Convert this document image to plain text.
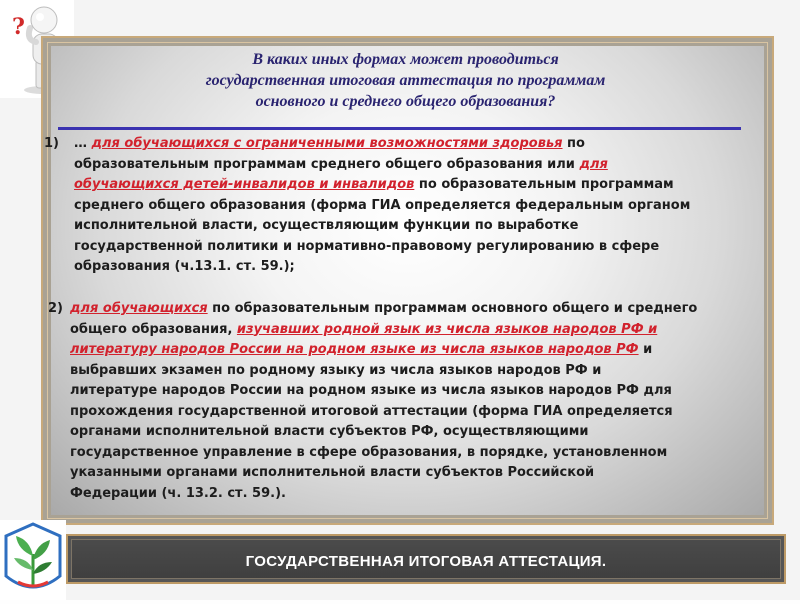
?
В каких иных формах может проводиться
государственная итоговая аттестация по программам
основного и среднего общего образования?
1) … для обучающихся с ограниченными возможностями здоровья по
образовательным программам среднего общего образования или для
обучающихся детей-инвалидов и инвалидов по образовательным программам
среднего общего образования (форма ГИА определяется федеральным органом
исполнительной власти, осуществляющим функции по выработке
государственной политики и нормативно-правовому регулированию в сфере
образования (ч.13.1. ст. 59.);
2) для обучающихся по образовательным программам основного общего и среднего
общего образования, изучавших родной язык из числа языков народов РФ и
литературу народов России на родном языке из числа языков народов РФ и
выбравших экзамен по родному языку из числа языков народов РФ и
литературе народов России на родном языке из числа языков народов РФ для
прохождения государственной итоговой аттестации (форма ГИА определяется
органами исполнительной власти субъектов РФ, осуществляющими
государственное управление в сфере образования, в порядке, установленном
указанными органами исполнительной власти субъектов Российской
Федерации (ч. 13.2. ст. 59.).
ГОСУДАРСТВЕННАЯ ИТОГОВАЯ АТТЕСТАЦИЯ.
